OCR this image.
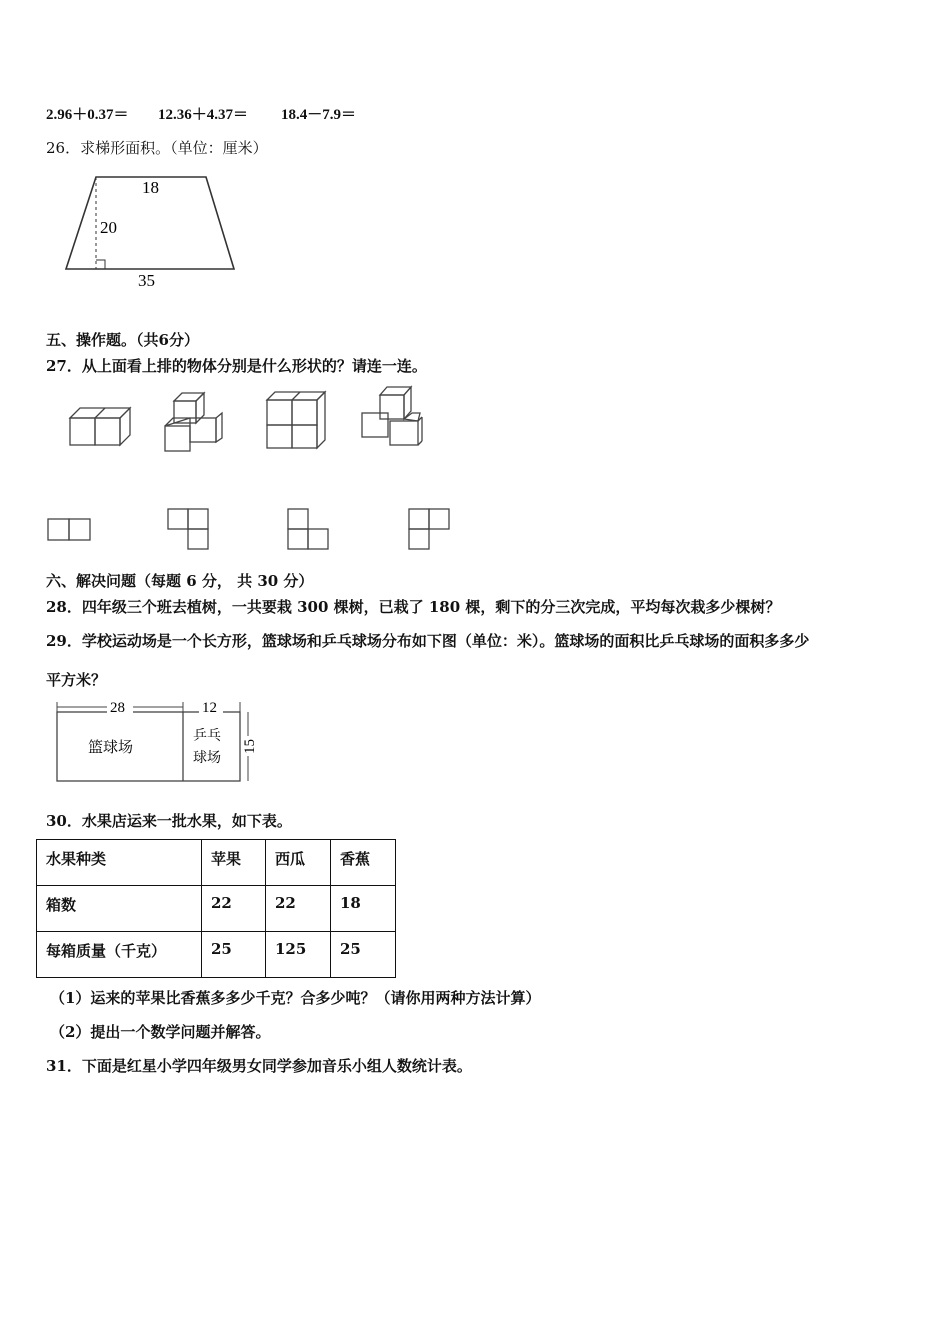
2.96＋0.37＝ 12.36＋4.37＝ 18.4－7.9＝
26．求梯形面积。（单位：厘米）
18
20
35
五、操作题。（共6分）
27．从上面看上排的物体分别是什么形状的？请连一连。
六、解决问题（每题 6 分， 共 30 分）
28．四年级三个班去植树，一共要栽 300 棵树，已栽了 180 棵，剩下的分三次完成，平均每次栽多少棵树？
29．学校运动场是一个长方形，篮球场和乒乓球场分布如下图（单位：米）。篮球场的面积比乒乓球场的面积多多少
平方米？
28	12
15
篮球场
乒乓
球场
30．水果店运来一批水果，如下表。
水果种类	苹果	西瓜	香蕉
箱数	22	22	18
每箱质量（千克）	25	125	25
（1）运来的苹果比香蕉多多少千克？合多少吨？（请你用两种方法计算）
（2）提出一个数学问题并解答。
31．下面是红星小学四年级男女同学参加音乐小组人数统计表。
